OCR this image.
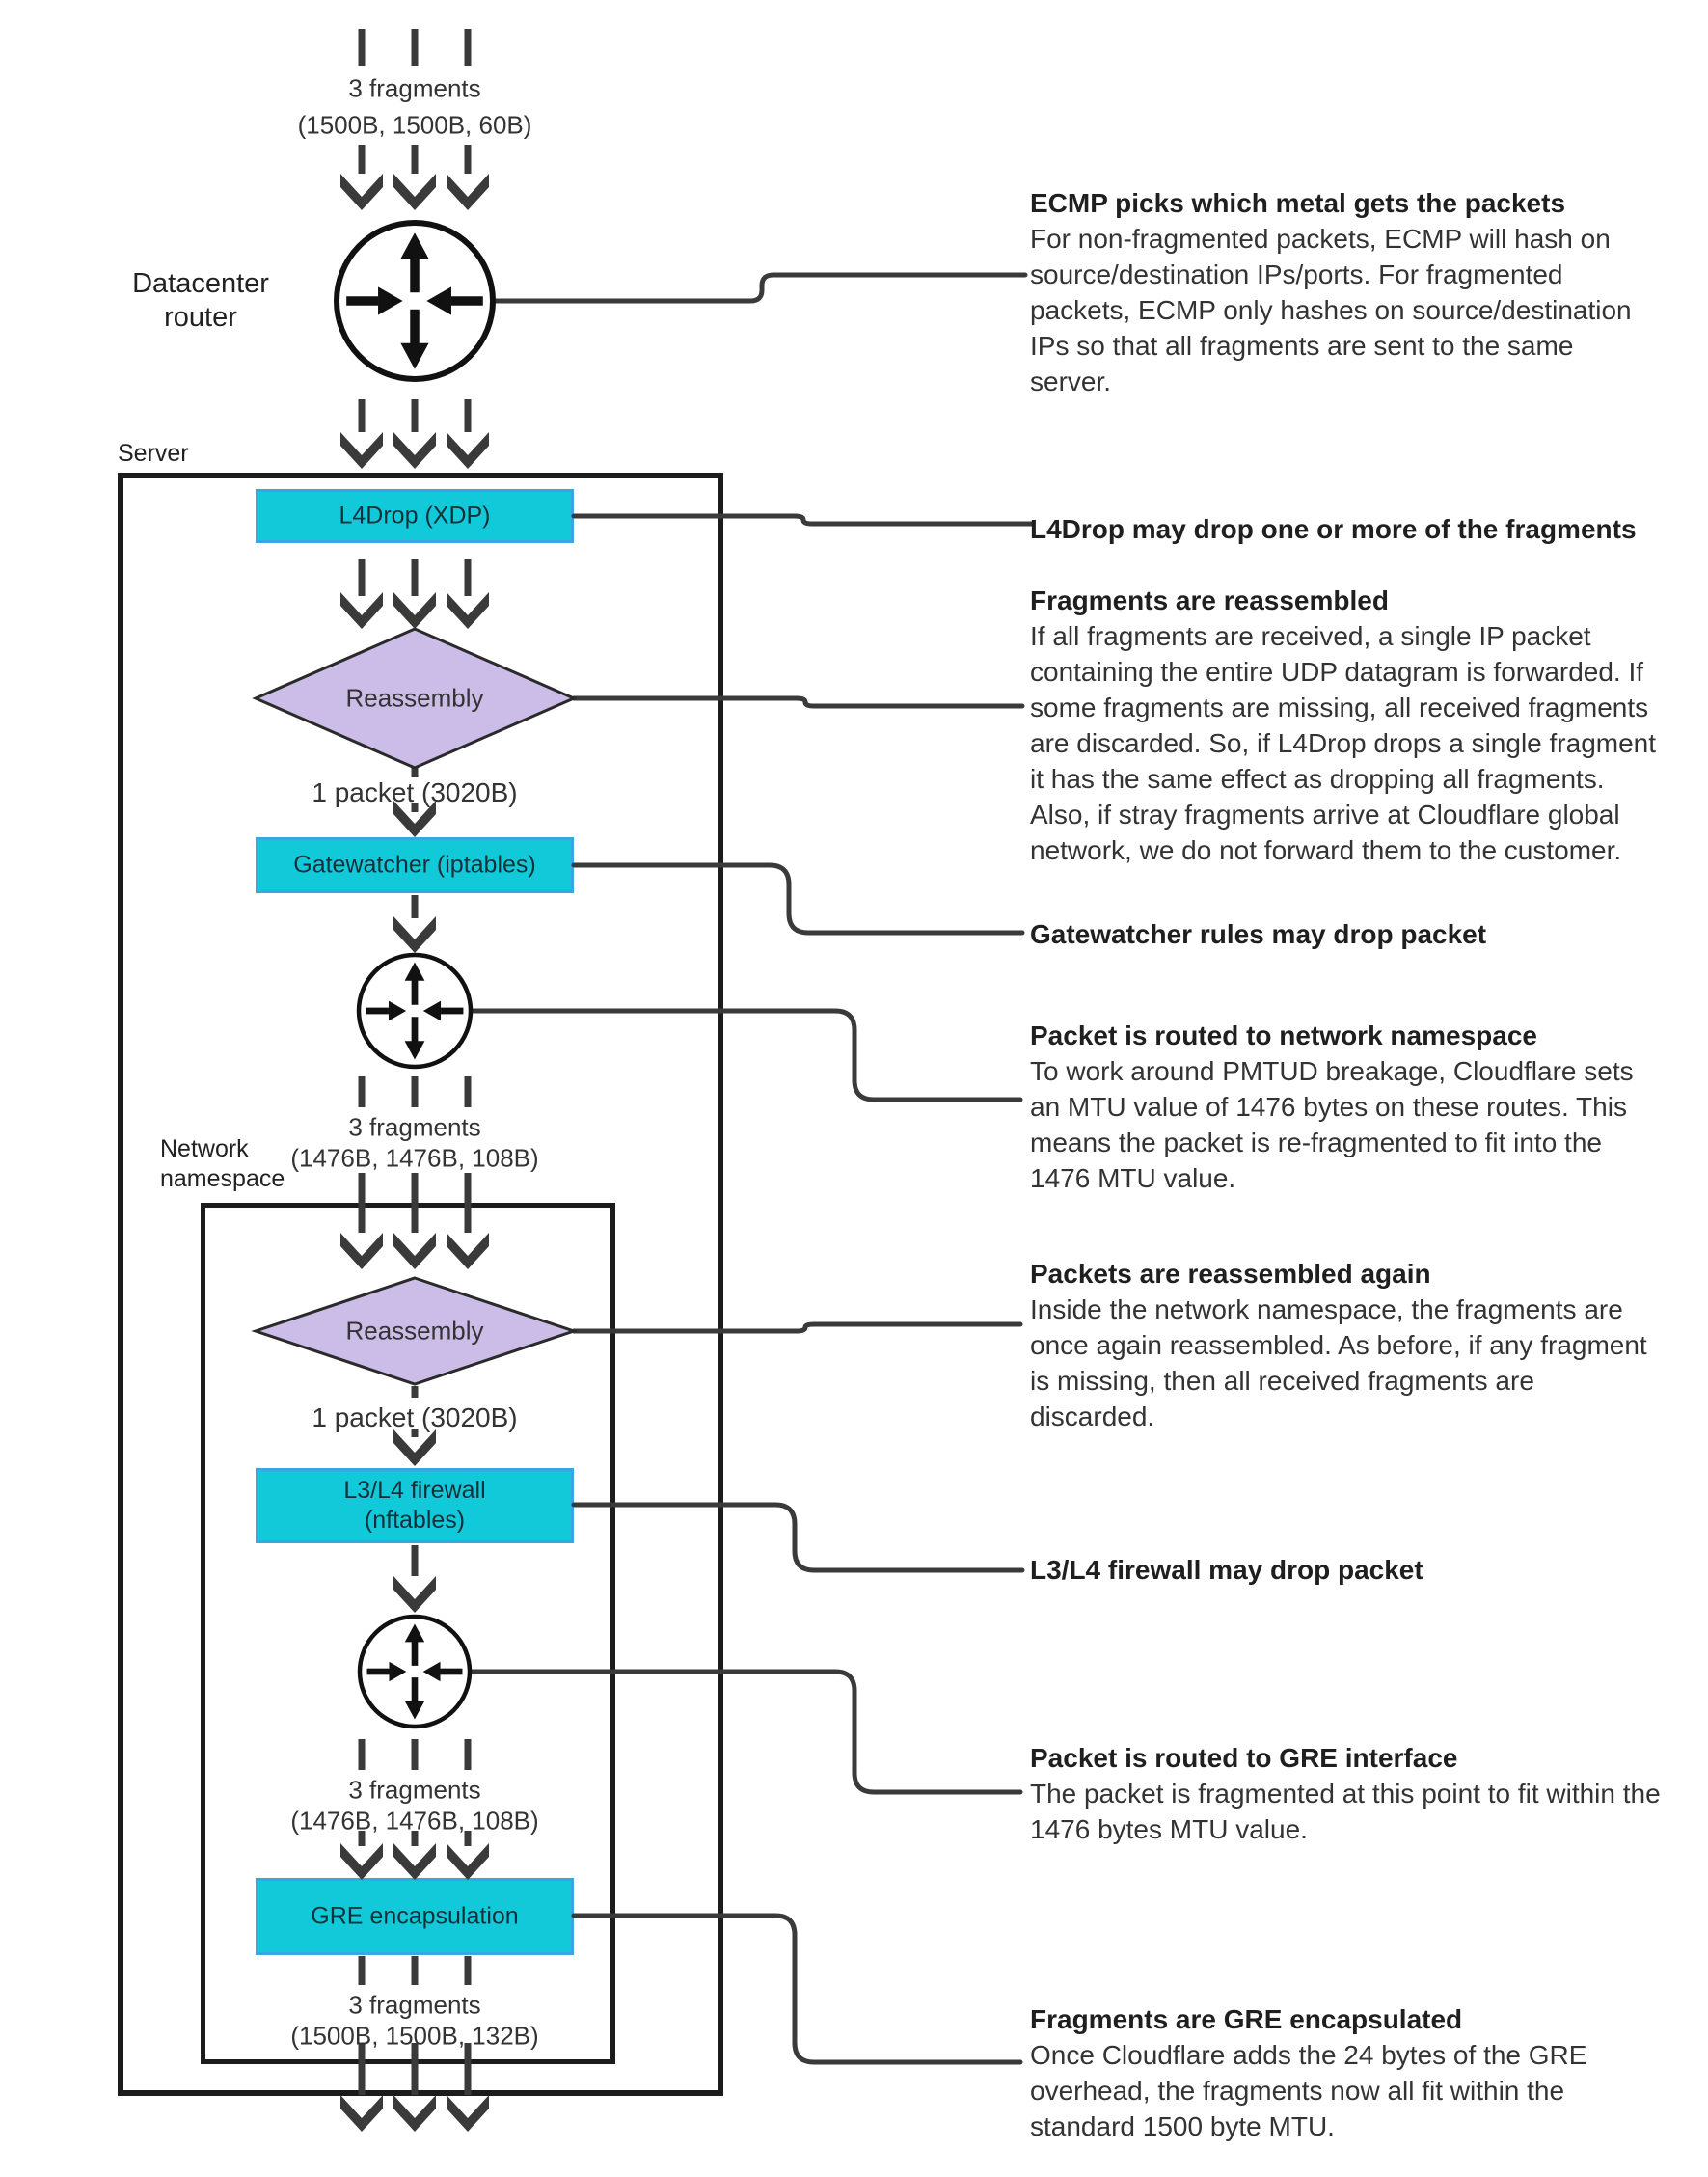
3 fragments
(1500B, 1500B, 60B)
Datacenter router
Server
L4Drop (XDP)
Reassembly
1 packet (3020B)
Gatewatcher (iptables)
3 fragments
(1476B, 1476B, 108B)
Network namespace
Reassembly
1 packet (3020B)
L3/L4 firewall
(nftables)
3 fragments
(1476B, 1476B, 108B)
GRE encapsulation
3 fragments
(1500B, 1500B, 132B)
ECMP picks which metal gets the packets

For non-fragmented packets, ECMP will hash on source/destination IPs/ports. For fragmented packets, ECMP only hashes on source/destination IPs so that all fragments are sent to the same server.

L4Drop may drop one or more of the fragments
Fragments are reassembled

If all fragments are received, a single IP packet containing the entire UDP datagram is forwarded. If some fragments are missing, all received fragments are discarded. So, if L4Drop drops a single fragment it has the same effect as dropping all fragments. Also, if stray fragments arrive at Cloudflare global network, we do not forward them to the customer.

Gatewatcher rules may drop packet
Packet is routed to network namespace

To work around PMTUD breakage, Cloudflare sets an MTU value of 1476 bytes on these routes. This means the packet is re-fragmented to fit into the 1476 MTU value.

Packets are reassembled again

Inside the network namespace, the fragments are once again reassembled. As before, if any fragment is missing, then all received fragments are discarded.

L3/L4 firewall may drop packet
Packet is routed to GRE interface

The packet is fragmented at this point to fit within the 1476 bytes MTU value.

Fragments are GRE encapsulated

Once Cloudflare adds the 24 bytes of the GRE overhead, the fragments now all fit within the standard 1500 byte MTU.
